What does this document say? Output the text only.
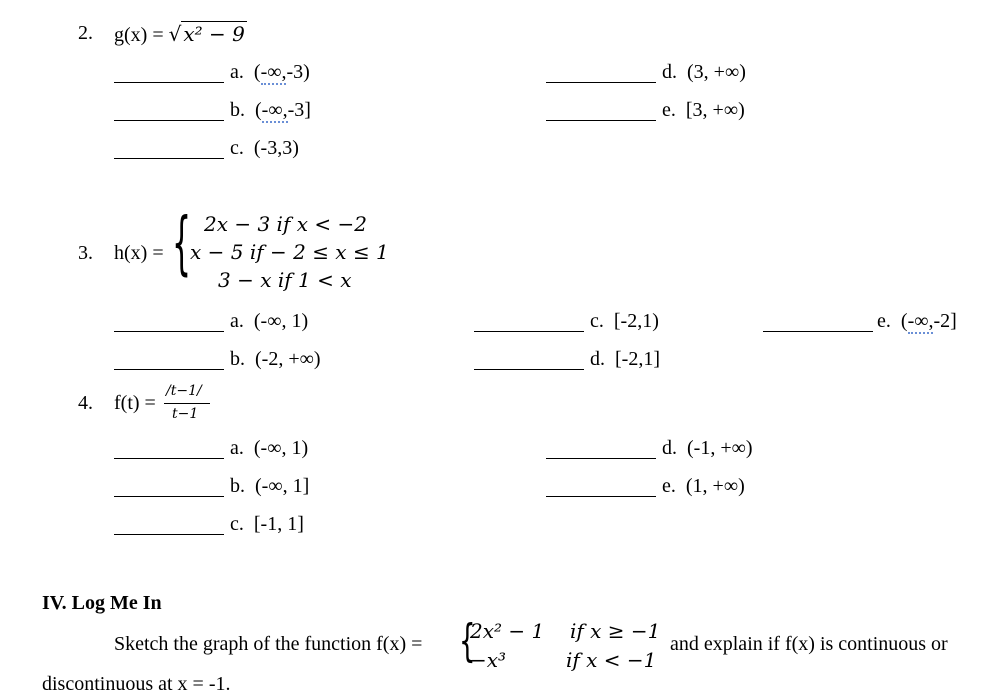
2. g(x) = √ x² − 9
a. (-∞,-3)
b. (-∞,-3]
c. (-3,3)
d. (3, +∞)
e. [3, +∞)
3. h(x) = { 2x − 3 if x < −2
x − 5 if − 2 ≤ x ≤ 1
3 − x if 1 < x
a. (-∞, 1)
b. (-2, +∞)
c. [-2,1)
d. [-2,1]
e. (-∞,-2]
4. f(t) =
/t−1/
t−1
a. (-∞, 1)
b. (-∞, 1]
c. [-1, 1]
d. (-1, +∞)
e. (1, +∞)
IV. Log Me In
Sketch the graph of the function f(x) = {
2x² − 1 if x ≥ −1
−x³	if x < −1
and explain if f(x) is continuous or
discontinuous at x = -1.
